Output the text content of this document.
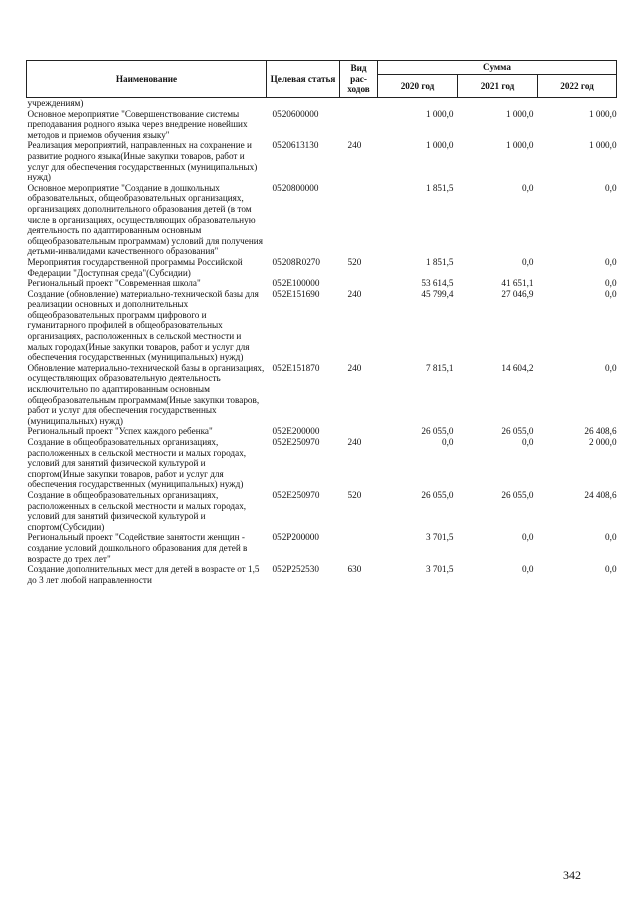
Наименование	Целевая статья	Вид рас-ходов	Сумма		
			2020 год	2021 год	2022 год
учреждениям)					
Основное мероприятие "Совершенствование системы преподавания родного языка через внедрение новейших методов и приемов обучения языку"	0520600000		1 000,0	1 000,0	1 000,0
Реализация мероприятий, направленных на сохранение и развитие родного языка(Иные закупки товаров, работ и услуг для обеспечения государственных (муниципальных) нужд)	0520613130	240	1 000,0	1 000,0	1 000,0
Основное мероприятие "Создание в дошкольных образовательных, общеобразовательных организациях, организациях дополнительного образования детей (в том числе в организациях, осуществляющих образовательную деятельность по адаптированным основным общеобразовательным программам) условий для получения детьми-инвалидами качественного образования"	0520800000		1 851,5	0,0	0,0
Мероприятия государственной программы Российской Федерации "Доступная среда"(Субсидии)	05208R0270	520	1 851,5	0,0	0,0
Региональный проект "Современная школа"	052E100000		53 614,5	41 651,1	0,0
Создание (обновление) материально-технической базы для реализации основных и дополнительных общеобразовательных программ цифрового и гуманитарного профилей в общеобразовательных организациях, расположенных в сельской местности и малых городах(Иные закупки товаров, работ и услуг для обеспечения государственных (муниципальных) нужд)	052E151690	240	45 799,4	27 046,9	0,0
Обновление материально-технической базы в организациях, осуществляющих образовательную деятельность исключительно по адаптированным основным общеобразовательным программам(Иные закупки товаров, работ и услуг для обеспечения государственных (муниципальных) нужд)	052E151870	240	7 815,1	14 604,2	0,0
Региональный проект "Успех каждого ребенка"	052E200000		26 055,0	26 055,0	26 408,6
Создание в общеобразовательных организациях, расположенных в сельской местности и малых городах, условий для занятий физической культурой и спортом(Иные закупки товаров, работ и услуг для обеспечения государственных (муниципальных) нужд)	052E250970	240	0,0	0,0	2 000,0
Создание в общеобразовательных организациях, расположенных в сельской местности и малых городах, условий для занятий физической культурой и спортом(Субсидии)	052E250970	520	26 055,0	26 055,0	24 408,6
Региональный проект "Содействие занятости женщин - создание условий дошкольного образования для детей в возрасте до трех лет"	052P200000		3 701,5	0,0	0,0
Создание дополнительных мест для детей в возрасте от 1,5 до 3 лет любой направленности	052P252530	630	3 701,5	0,0	0,0
342
